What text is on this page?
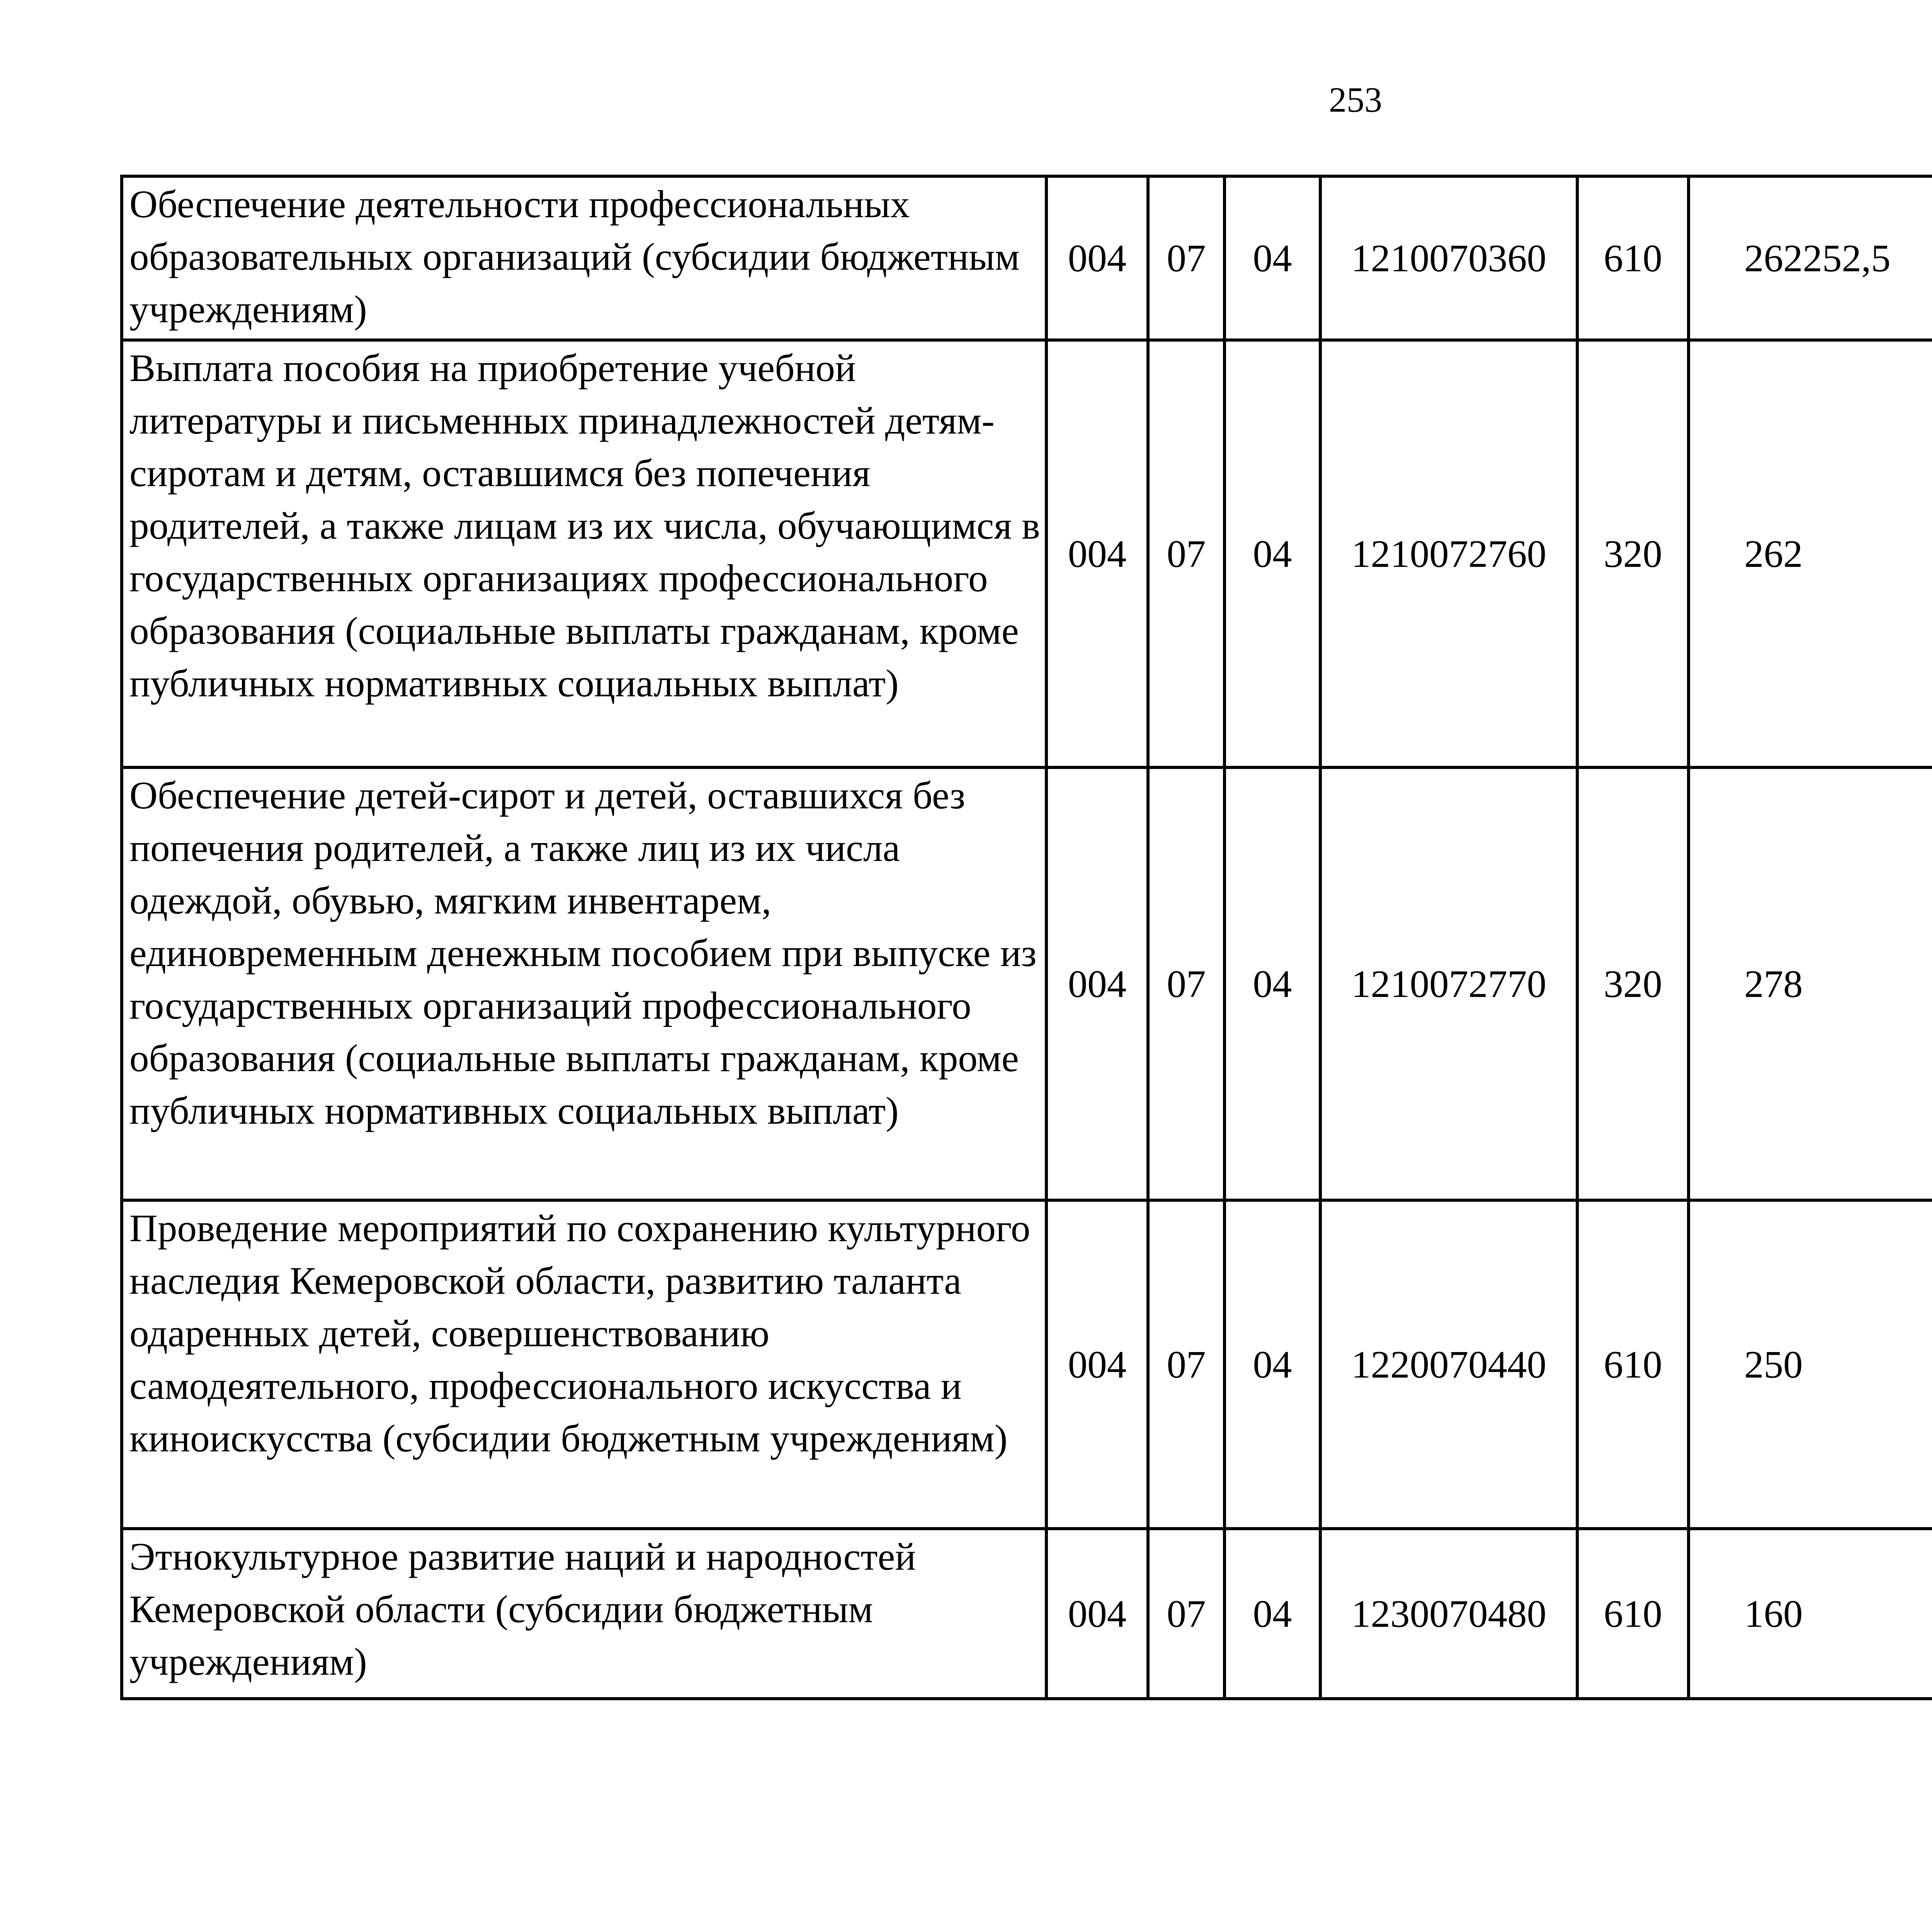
253
Обеспечение деятельности профессиональных образовательных организаций (субсидии бюджетным учреждениям)	004	07	04	1210070360	610	262252,5		
Выплата пособия на приобретение учебной литературы и письменных принадлежностей детям-сиротам и детям, оставшимся без попечения родителей, а также лицам из их числа, обучающимся в государственных организациях профессионального образования (социальные выплаты гражданам, кроме публичных нормативных социальных выплат)	004	07	04	1210072760	320	262		
Обеспечение детей-сирот и детей, оставшихся без попечения родителей, а также лиц из их числа одеждой, обувью, мягким инвентарем, единовременным денежным пособием при выпуске из государственных организаций профессионального образования (социальные выплаты гражданам, кроме публичных нормативных социальных выплат)	004	07	04	1210072770	320	278		
Проведение мероприятий по сохранению культурного наследия Кемеровской области, развитию таланта одаренных детей, совершенствованию самодеятельного, профессионального искусства и киноискусства (субсидии бюджетным учреждениям)	004	07	04	1220070440	610	250		
Этнокультурное развитие наций и народностей Кемеровской области (субсидии бюджетным учреждениям)	004	07	04	1230070480	610	160		
